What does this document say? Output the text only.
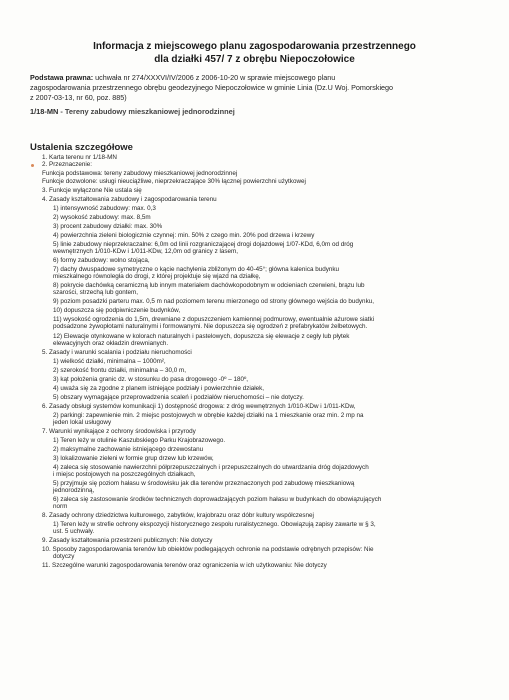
Informacja z miejscowego planu zagospodarowania przestrzennego
dla działki 457/ 7 z obrębu Niepoczołowice
Podstawa prawna: uchwała nr 274/XXXVI/IV/2006 z 2006-10-20 w sprawie miejscowego planu
zagospodarowania przestrzennego obrębu geodezyjnego Niepoczołowice w gminie Linia (Dz.U Woj. Pomorskiego
z 2007-03-13, nr 60, poz. 885)
1/18-MN - Tereny zabudowy mieszkaniowej jednorodzinnej
Ustalenia szczegółowe
1. Karta terenu nr 1/18-MN
2. Przeznaczenie:
Funkcja podstawowa: tereny zabudowy mieszkaniowej jednorodzinnej
Funkcje dozwolone: usługi nieuciążliwe, nieprzekraczające 30% łącznej powierzchni użytkowej
3. Funkcje wyłączone Nie ustala się
4. Zasady kształtowania zabudowy i zagospodarowania terenu
1) intensywność zabudowy: max. 0,3
2) wysokość zabudowy: max. 8,5m
3) procent zabudowy działki: max. 30%
4) powierzchnia zieleni biologicznie czynnej: min. 50% z czego min. 20% pod drzewa i krzewy
5) linie zabudowy nieprzekraczalne: 6,0m od linii rozgraniczającej drogi dojazdowej 1/07-KDd, 6,0m od dróg
wewnętrznych 1/010-KDw i 1/011-KDw, 12,0m od granicy z lasem,
6) formy zabudowy: wolno stojąca,
7) dachy dwuspadowe symetryczne o kącie nachylenia zbliżonym do 40-45°; główna kalenica budynku
mieszkalnego równoległa do drogi, z której projektuje się wjazd na działkę,
8) pokrycie dachówką ceramiczną lub innym materiałem dachówkopodobnym w odcieniach czerwieni, brązu lub
szarości, strzechą lub gontem,
9) poziom posadzki parteru max. 0,5 m nad poziomem terenu mierzonego od strony głównego wejścia do budynku,
10) dopuszcza się podpiwniczenie budynków,
11) wysokość ogrodzenia do 1,5m, drewniane z dopuszczeniem kamiennej podmurowy, ewentualnie ażurowe siatki
podsadzone żywopłotami naturalnymi i formowanymi. Nie dopuszcza się ogrodzeń z prefabrykatów żelbetowych.
12) Elewacje otynkowane w kolorach naturalnych i pastelowych, dopuszcza się elewacje z cegły lub płytek
elewacyjnych oraz okładzin drewnianych.
5. Zasady i warunki scalania i podziału nieruchomości
1) wielkość działki, minimalna – 1000m²,
2) szerokość frontu działki, minimalna – 30,0 m,
3) kąt położenia granic dz. w stosunku do pasa drogowego -0º – 180º,
4) uważa się za zgodne z planem istniejące podziały i powierzchnie działek,
5) obszary wymagające przeprowadzenia scaleń i podziałów nieruchomości – nie dotyczy.
6. Zasady obsługi systemów komunikacji 1) dostępność drogowa: z dróg wewnętrznych 1/010-KDw i 1/011-KDw,
2) parkingi: zapewnienie min. 2 miejsc postojowych w obrębie każdej działki na 1 mieszkanie oraz min. 2 mp na
jeden lokal usługowy
7. Warunki wynikające z ochrony środowiska i przyrody
1) Teren leży w otulinie Kaszubskiego Parku Krajobrazowego.
2) maksymalne zachowanie istniejącego drzewostanu
3) lokalizowanie zieleni w formie grup drzew lub krzewów,
4) zaleca się stosowanie nawierzchni półprzepuszczalnych i przepuszczalnych do utwardzania dróg dojazdowych
i miejsc postojowych na poszczególnych działkach,
5) przyjmuje się poziom hałasu w środowisku jak dla terenów przeznaczonych pod zabudowę mieszkaniową
jednorodzinną,
6) zaleca się zastosowanie środków technicznych doprowadzających poziom hałasu w budynkach do obowiązujących
norm
8. Zasady ochrony dziedzictwa kulturowego, zabytków, krajobrazu oraz dóbr kultury współczesnej
1) Teren leży w strefie ochrony ekspozycji historycznego zespołu ruralistycznego. Obowiązują zapisy zawarte w § 3,
ust. 5 uchwały.
9. Zasady kształtowania przestrzeni publicznych: Nie dotyczy
10. Sposoby zagospodarowania terenów lub obiektów podlegających ochronie na podstawie odrębnych przepisów: Nie
dotyczy
11. Szczególne warunki zagospodarowania terenów oraz ograniczenia w ich użytkowaniu: Nie dotyczy
